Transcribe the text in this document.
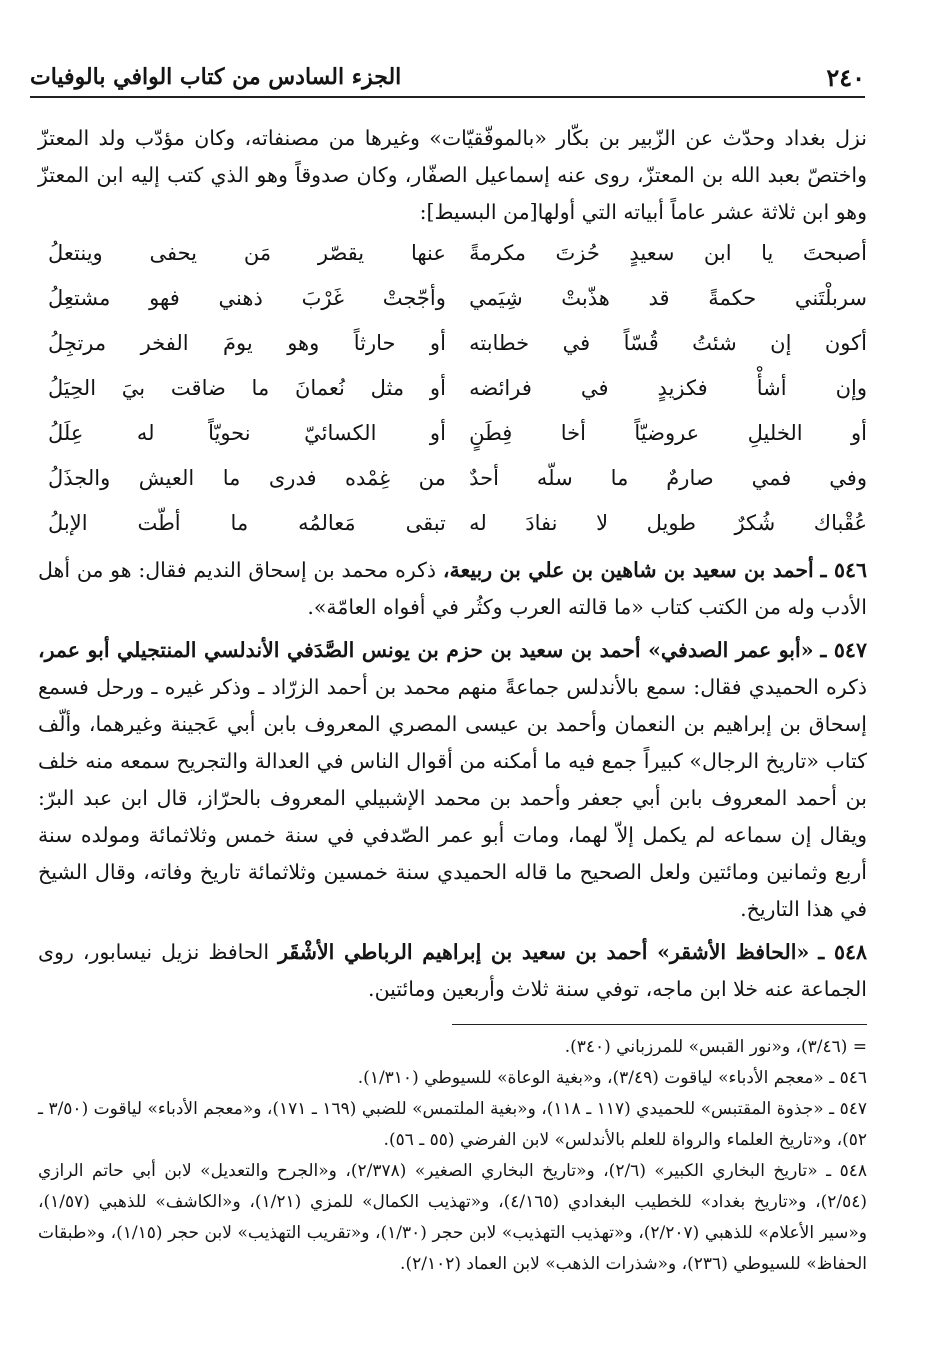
٢٤٠
الجزء السادس من كتاب الوافي بالوفيات

نزل بغداد وحدّث عن الزّبير بن بكّار «بالموفّقيّات» وغيرها من مصنفاته، وكان مؤدّب ولد المعتزّ واختصّ بعبد الله بن المعتزّ، روى عنه إسماعيل الصفّار، وكان صدوقاً وهو الذي كتب إليه ابن المعتزّ وهو ابن ثلاثة عشر عاماً أبياته التي أولها[من البسيط]:

أصبحتَ يا ابن سعيدٍ حُزتَ مكرمةً
عنها يقصّر مَن يحفى وينتعلُ
سربلْتَني حكمةً قد هذّبتْ شِيَمي
وأجّجتْ غَرْبَ ذهني فهو مشتعِلُ
أكون إن شئتُ قُسّاً في خطابته
أو حارثاً وهو يومَ الفخر مرتجِلُ
وإن أشأْ فكزيدٍ في فرائضه
أو مثل نُعمانَ ما ضاقت بيَ الحِيَلُ
أو الخليلِ عروضيّاً أخا فِطَنٍ
أو الكسائيّ نحويّاً له عِلَلُ
وفي فمي صارمٌ ما سلّه أحدٌ
من غِمْده فدرى ما العيش والجذَلُ
عُقْباك شُكرٌ طويل لا نفادَ له
تبقى مَعالمُه ما أطّت الإبلُ

٥٤٦ ـ أحمد بن سعيد بن شاهين بن علي بن ربيعة، ذكره محمد بن إسحاق النديم فقال: هو من أهل الأدب وله من الكتب كتاب «ما قالته العرب وكثُر في أفواه العامّة».

٥٤٧ ـ «أبو عمر الصدفي» أحمد بن سعيد بن حزم بن يونس الصَّدَفي الأندلسي المنتجيلي أبو عمر، ذكره الحميدي فقال: سمع بالأندلس جماعةً منهم محمد بن أحمد الزرّاد ـ وذكر غيره ـ ورحل فسمع إسحاق بن إبراهيم بن النعمان وأحمد بن عيسى المصري المعروف بابن أبي عَجينة وغيرهما، وألّف كتاب «تاريخ الرجال» كبيراً جمع فيه ما أمكنه من أقوال الناس في العدالة والتجريح سمعه منه خلف بن أحمد المعروف بابن أبي جعفر وأحمد بن محمد الإشبيلي المعروف بالحرّاز، قال ابن عبد البرّ: ويقال إن سماعه لم يكمل إلاّ لهما، ومات أبو عمر الصّدفي في سنة خمس وثلاثمائة ومولده سنة أربع وثمانين ومائتين ولعل الصحيح ما قاله الحميدي سنة خمسين وثلاثمائة تاريخ وفاته، وقال الشيخ في هذا التاريخ.

٥٤٨ ـ «الحافظ الأشقر» أحمد بن سعيد بن إبراهيم الرباطي الأشْقَر الحافظ نزيل نيسابور، روى الجماعة عنه خلا ابن ماجه، توفي سنة ثلاث وأربعين ومائتين.

= (٣/٤٦)، و«نور القبس» للمرزباني (٣٤٠).

٥٤٦ ـ «معجم الأدباء» لياقوت (٣/٤٩)، و«بغية الوعاة» للسيوطي (١/٣١٠).

٥٤٧ ـ «جذوة المقتبس» للحميدي (١١٧ ـ ١١٨)، و«بغية الملتمس» للضبي (١٦٩ ـ ١٧١)، و«معجم الأدباء» لياقوت (٣/٥٠ ـ ٥٢)، و«تاريخ العلماء والرواة للعلم بالأندلس» لابن الفرضي (٥٥ ـ ٥٦).

٥٤٨ ـ «تاريخ البخاري الكبير» (٢/٦)، و«تاريخ البخاري الصغير» (٢/٣٧٨)، و«الجرح والتعديل» لابن أبي حاتم الرازي (٢/٥٤)، و«تاريخ بغداد» للخطيب البغدادي (٤/١٦٥)، و«تهذيب الكمال» للمزي (١/٢١)، و«الكاشف» للذهبي (١/٥٧)، و«سير الأعلام» للذهبي (٢/٢٠٧)، و«تهذيب التهذيب» لابن حجر (١/٣٠)، و«تقريب التهذيب» لابن حجر (١/١٥)، و«طبقات الحفاظ» للسيوطي (٢٣٦)، و«شذرات الذهب» لابن العماد (٢/١٠٢).
